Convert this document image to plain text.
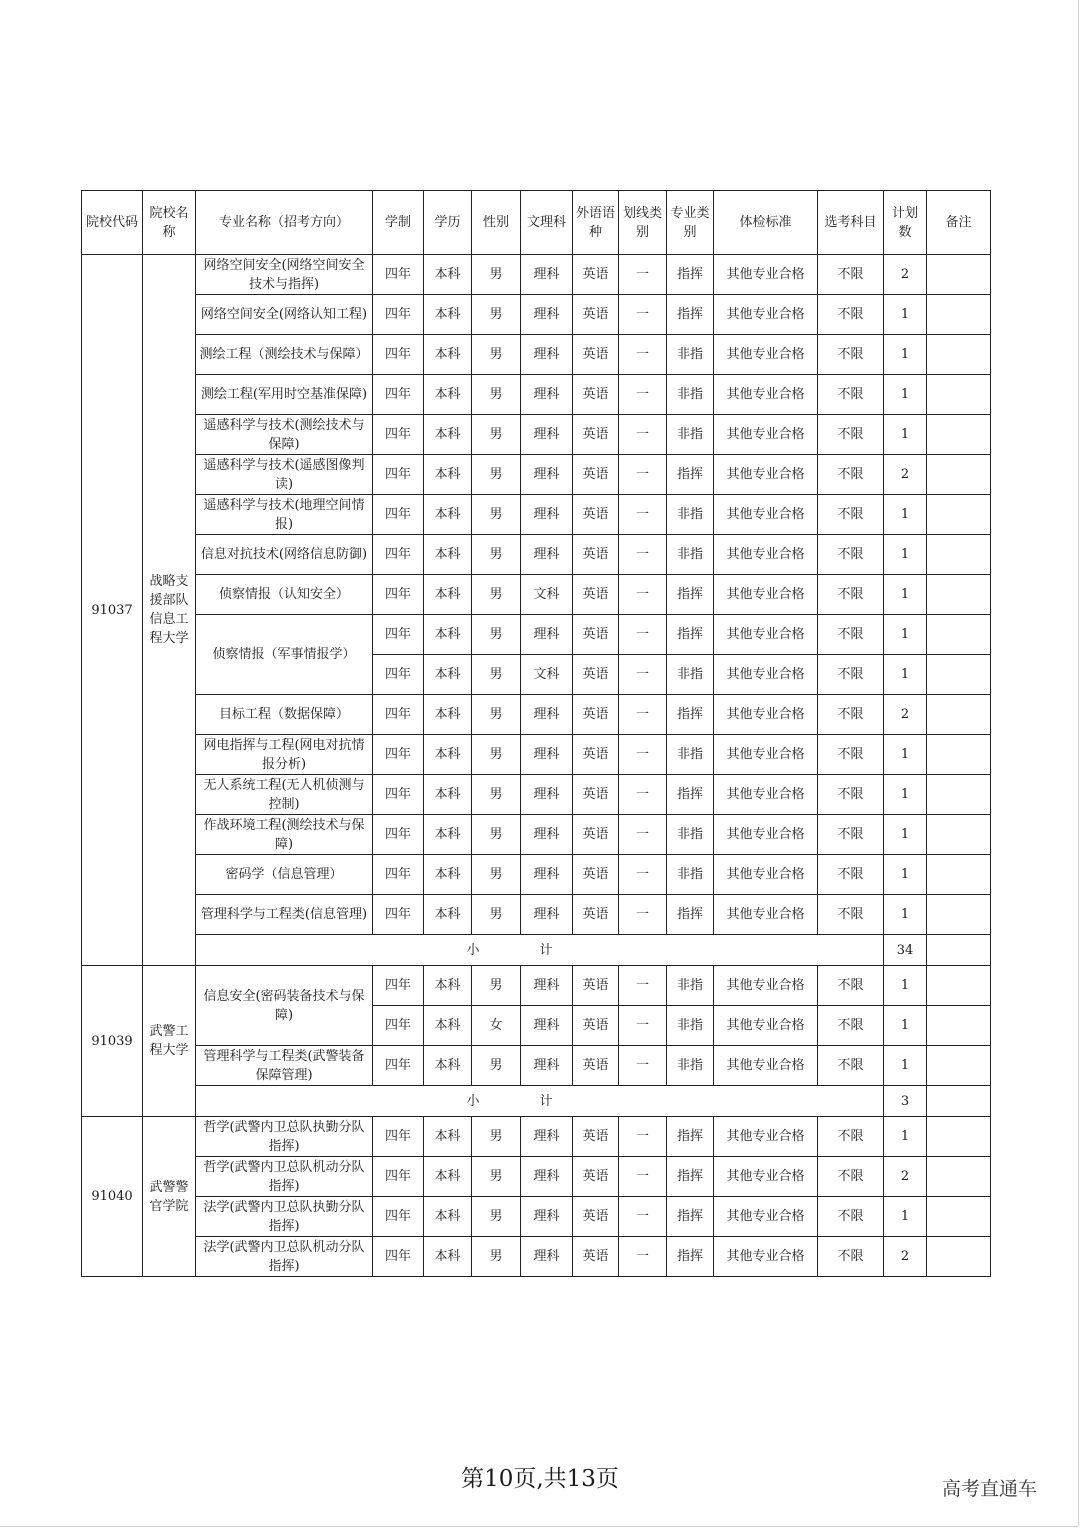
院校代码	院校名称	专业名称（招考方向）	学制	学历	性别	文理科	外语语种	划线类别	专业类别	体检标准	选考科目	计划数	备注
91037	战略支援部队信息工程大学	网络空间安全(网络空间安全技术与指挥)	四年	本科	男	理科	英语	一	指挥	其他专业合格	不限	2	
		网络空间安全(网络认知工程)	四年	本科	男	理科	英语	一	指挥	其他专业合格	不限	1	
		测绘工程（测绘技术与保障）	四年	本科	男	理科	英语	一	非指	其他专业合格	不限	1	
		测绘工程(军用时空基准保障)	四年	本科	男	理科	英语	一	非指	其他专业合格	不限	1	
		遥感科学与技术(测绘技术与保障)	四年	本科	男	理科	英语	一	非指	其他专业合格	不限	1	
		遥感科学与技术(遥感图像判读)	四年	本科	男	理科	英语	一	指挥	其他专业合格	不限	2	
		遥感科学与技术(地理空间情报)	四年	本科	男	理科	英语	一	非指	其他专业合格	不限	1	
		信息对抗技术(网络信息防御)	四年	本科	男	理科	英语	一	非指	其他专业合格	不限	1	
		侦察情报（认知安全）	四年	本科	男	文科	英语	一	指挥	其他专业合格	不限	1	
		侦察情报（军事情报学）	四年	本科	男	理科	英语	一	指挥	其他专业合格	不限	1	
			四年	本科	男	文科	英语	一	非指	其他专业合格	不限	1	
		目标工程（数据保障）	四年	本科	男	理科	英语	一	指挥	其他专业合格	不限	2	
		网电指挥与工程(网电对抗情报分析)	四年	本科	男	理科	英语	一	非指	其他专业合格	不限	1	
		无人系统工程(无人机侦测与控制)	四年	本科	男	理科	英语	一	指挥	其他专业合格	不限	1	
		作战环境工程(测绘技术与保障)	四年	本科	男	理科	英语	一	非指	其他专业合格	不限	1	
		密码学（信息管理）	四年	本科	男	理科	英语	一	非指	其他专业合格	不限	1	
		管理科学与工程类(信息管理)	四年	本科	男	理科	英语	一	指挥	其他专业合格	不限	1	
		小计										34	
91039	武警工程大学	信息安全(密码装备技术与保障)	四年	本科	男	理科	英语	一	非指	其他专业合格	不限	1	
			四年	本科	女	理科	英语	一	非指	其他专业合格	不限	1	
		管理科学与工程类(武警装备保障管理)	四年	本科	男	理科	英语	一	非指	其他专业合格	不限	1	
		小计										3	
91040	武警警官学院	哲学(武警内卫总队执勤分队指挥)	四年	本科	男	理科	英语	一	指挥	其他专业合格	不限	1	
		哲学(武警内卫总队机动分队指挥)	四年	本科	男	理科	英语	一	指挥	其他专业合格	不限	2	
		法学(武警内卫总队执勤分队指挥)	四年	本科	男	理科	英语	一	指挥	其他专业合格	不限	1	
		法学(武警内卫总队机动分队指挥)	四年	本科	男	理科	英语	一	指挥	其他专业合格	不限	2	
第10页,共13页	高考直通车
